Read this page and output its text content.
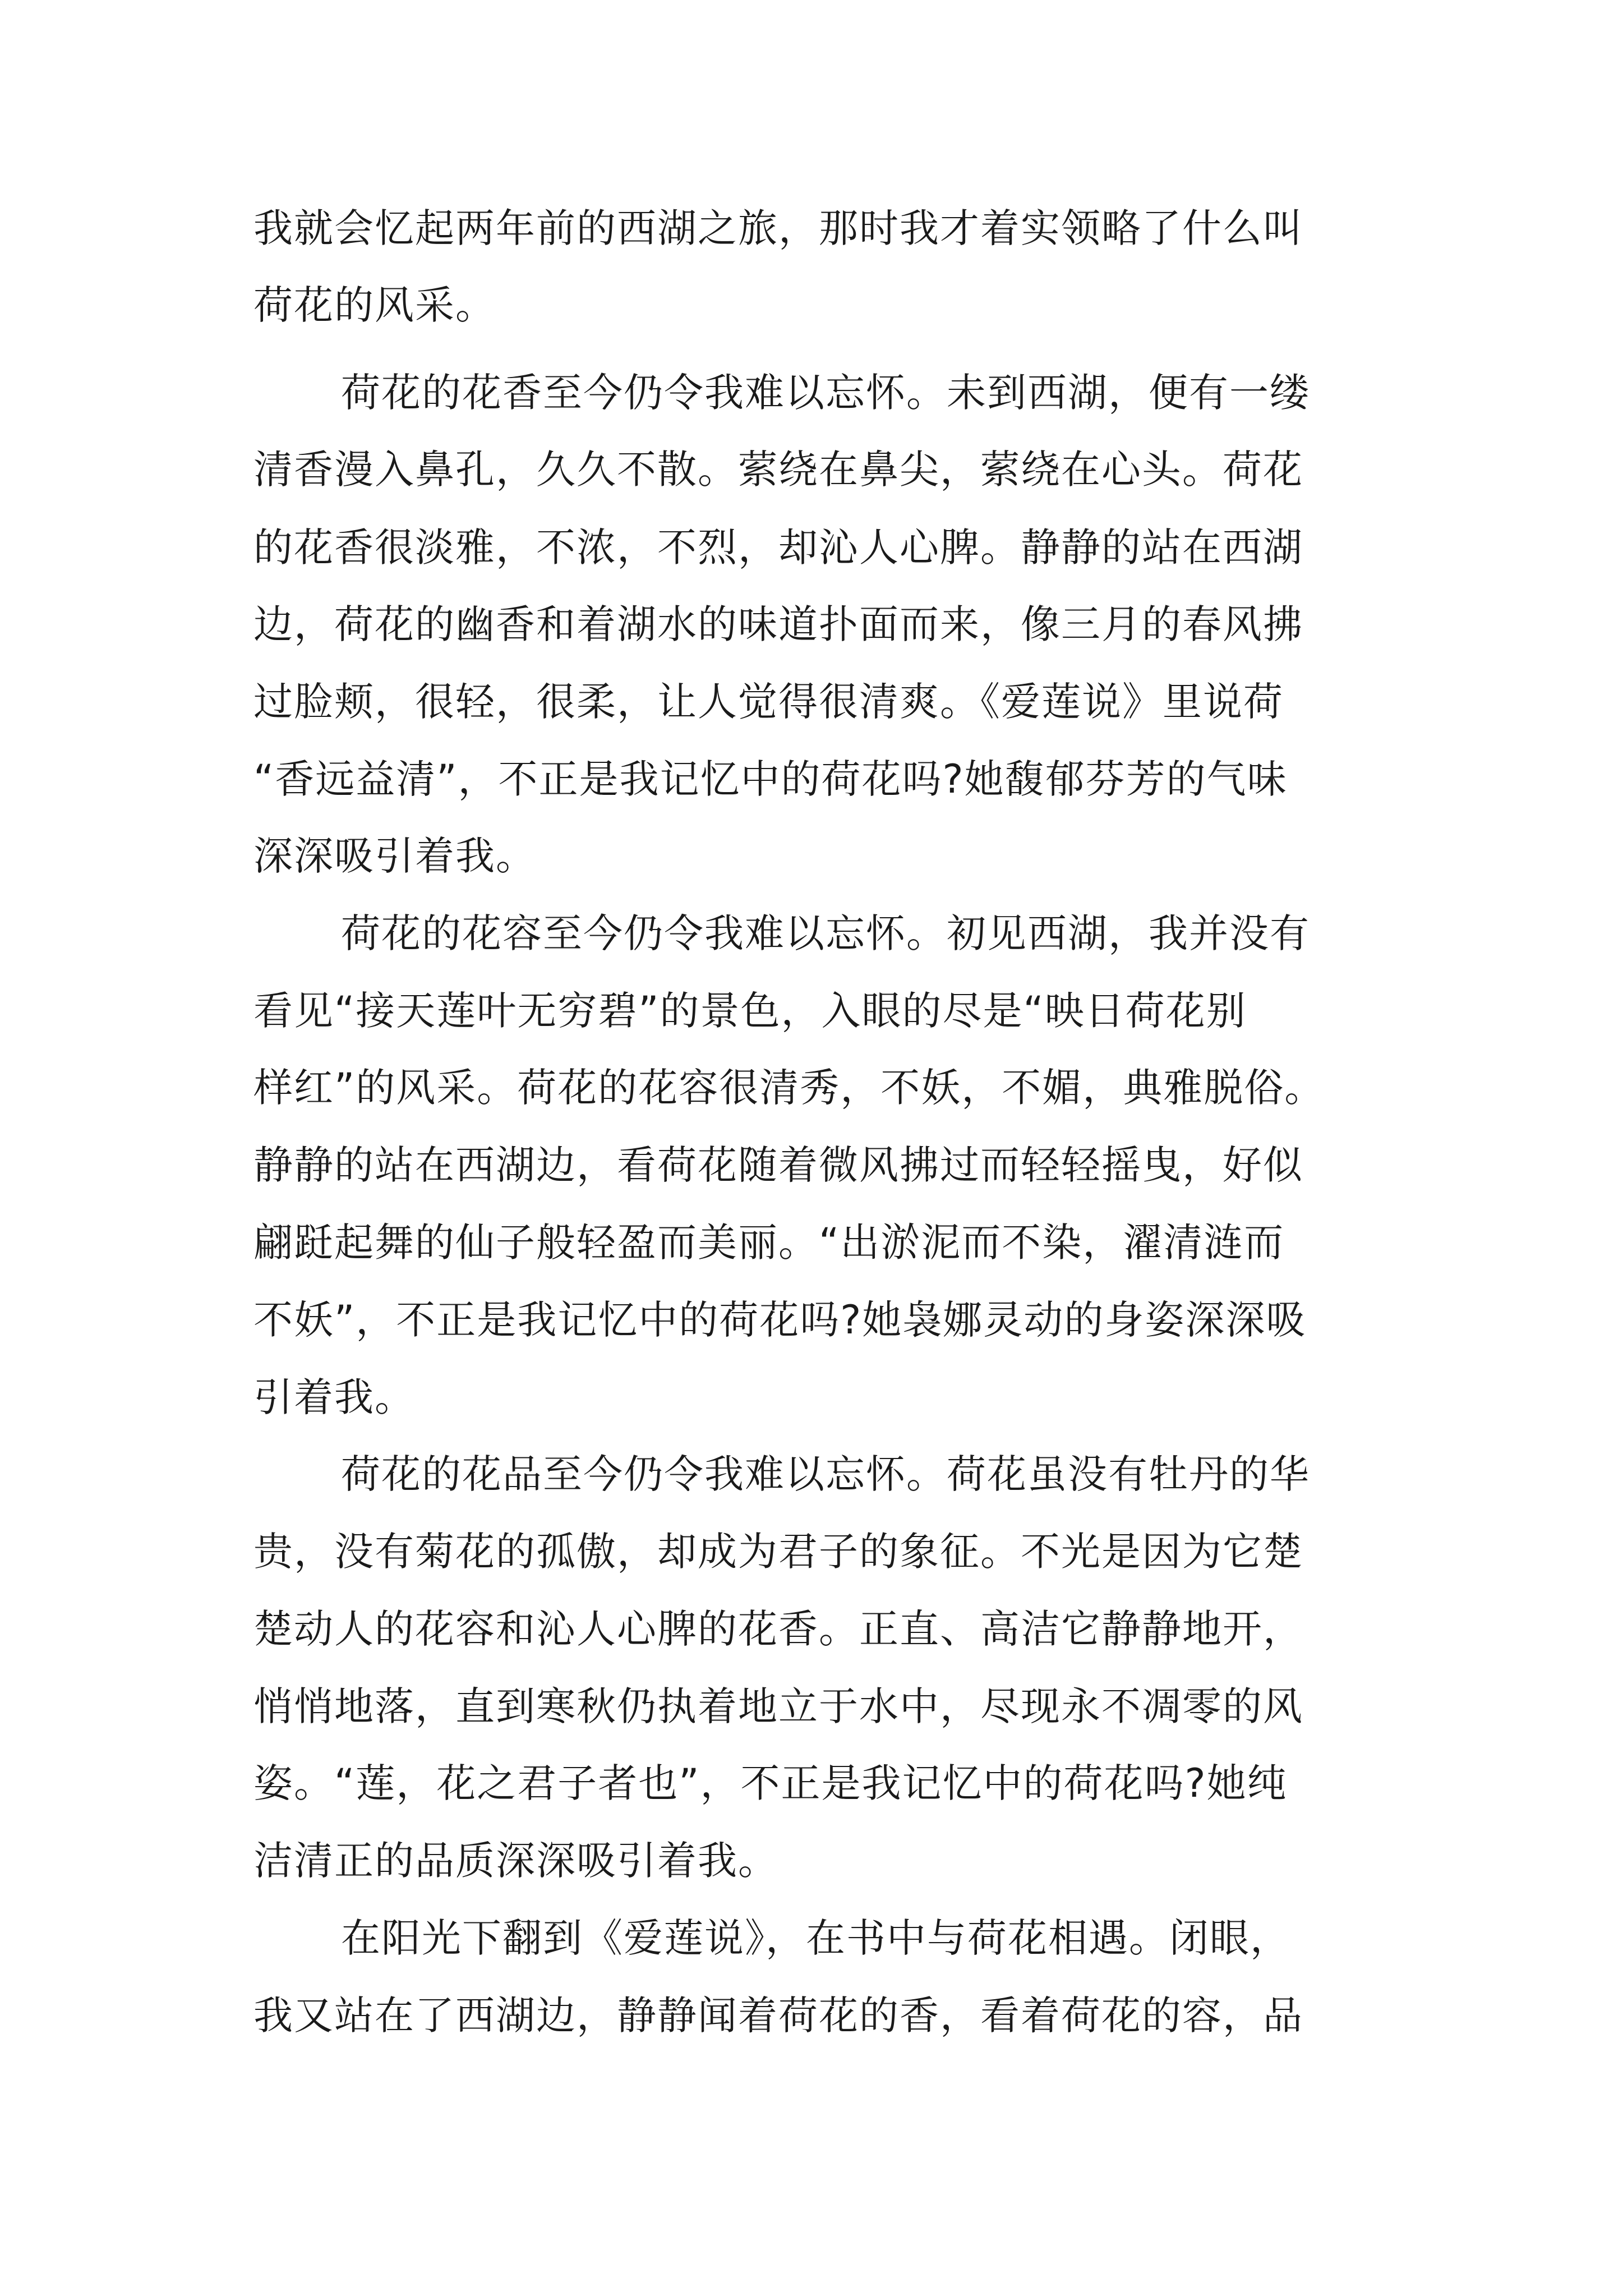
我就会忆起两年前的西湖之旅，那时我才着实领略了什么叫
荷花的风采。
荷花的花香至今仍令我难以忘怀。未到西湖，便有一缕
清香漫入鼻孔，久久不散。萦绕在鼻尖，萦绕在心头。荷花
的花香很淡雅，不浓，不烈，却沁人心脾。静静的站在西湖
边，荷花的幽香和着湖水的味道扑面而来，像三月的春风拂
过脸颊，很轻，很柔，让人觉得很清爽。《爱莲说》里说荷
“香远益清”，不正是我记忆中的荷花吗?她馥郁芬芳的气味
深深吸引着我。
荷花的花容至今仍令我难以忘怀。初见西湖，我并没有
看见“接天莲叶无穷碧”的景色，入眼的尽是“映日荷花别
样红”的风采。荷花的花容很清秀，不妖，不媚，典雅脱俗。
静静的站在西湖边，看荷花随着微风拂过而轻轻摇曳，好似
翩跹起舞的仙子般轻盈而美丽。“出淤泥而不染，濯清涟而
不妖”，不正是我记忆中的荷花吗?她袅娜灵动的身姿深深吸
引着我。
荷花的花品至今仍令我难以忘怀。荷花虽没有牡丹的华
贵，没有菊花的孤傲，却成为君子的象征。不光是因为它楚
楚动人的花容和沁人心脾的花香。正直、高洁它静静地开，
悄悄地落，直到寒秋仍执着地立于水中，尽现永不凋零的风
姿。“莲，花之君子者也”，不正是我记忆中的荷花吗?她纯
洁清正的品质深深吸引着我。
在阳光下翻到《爱莲说》，在书中与荷花相遇。闭眼，
我又站在了西湖边，静静闻着荷花的香，看着荷花的容，品
